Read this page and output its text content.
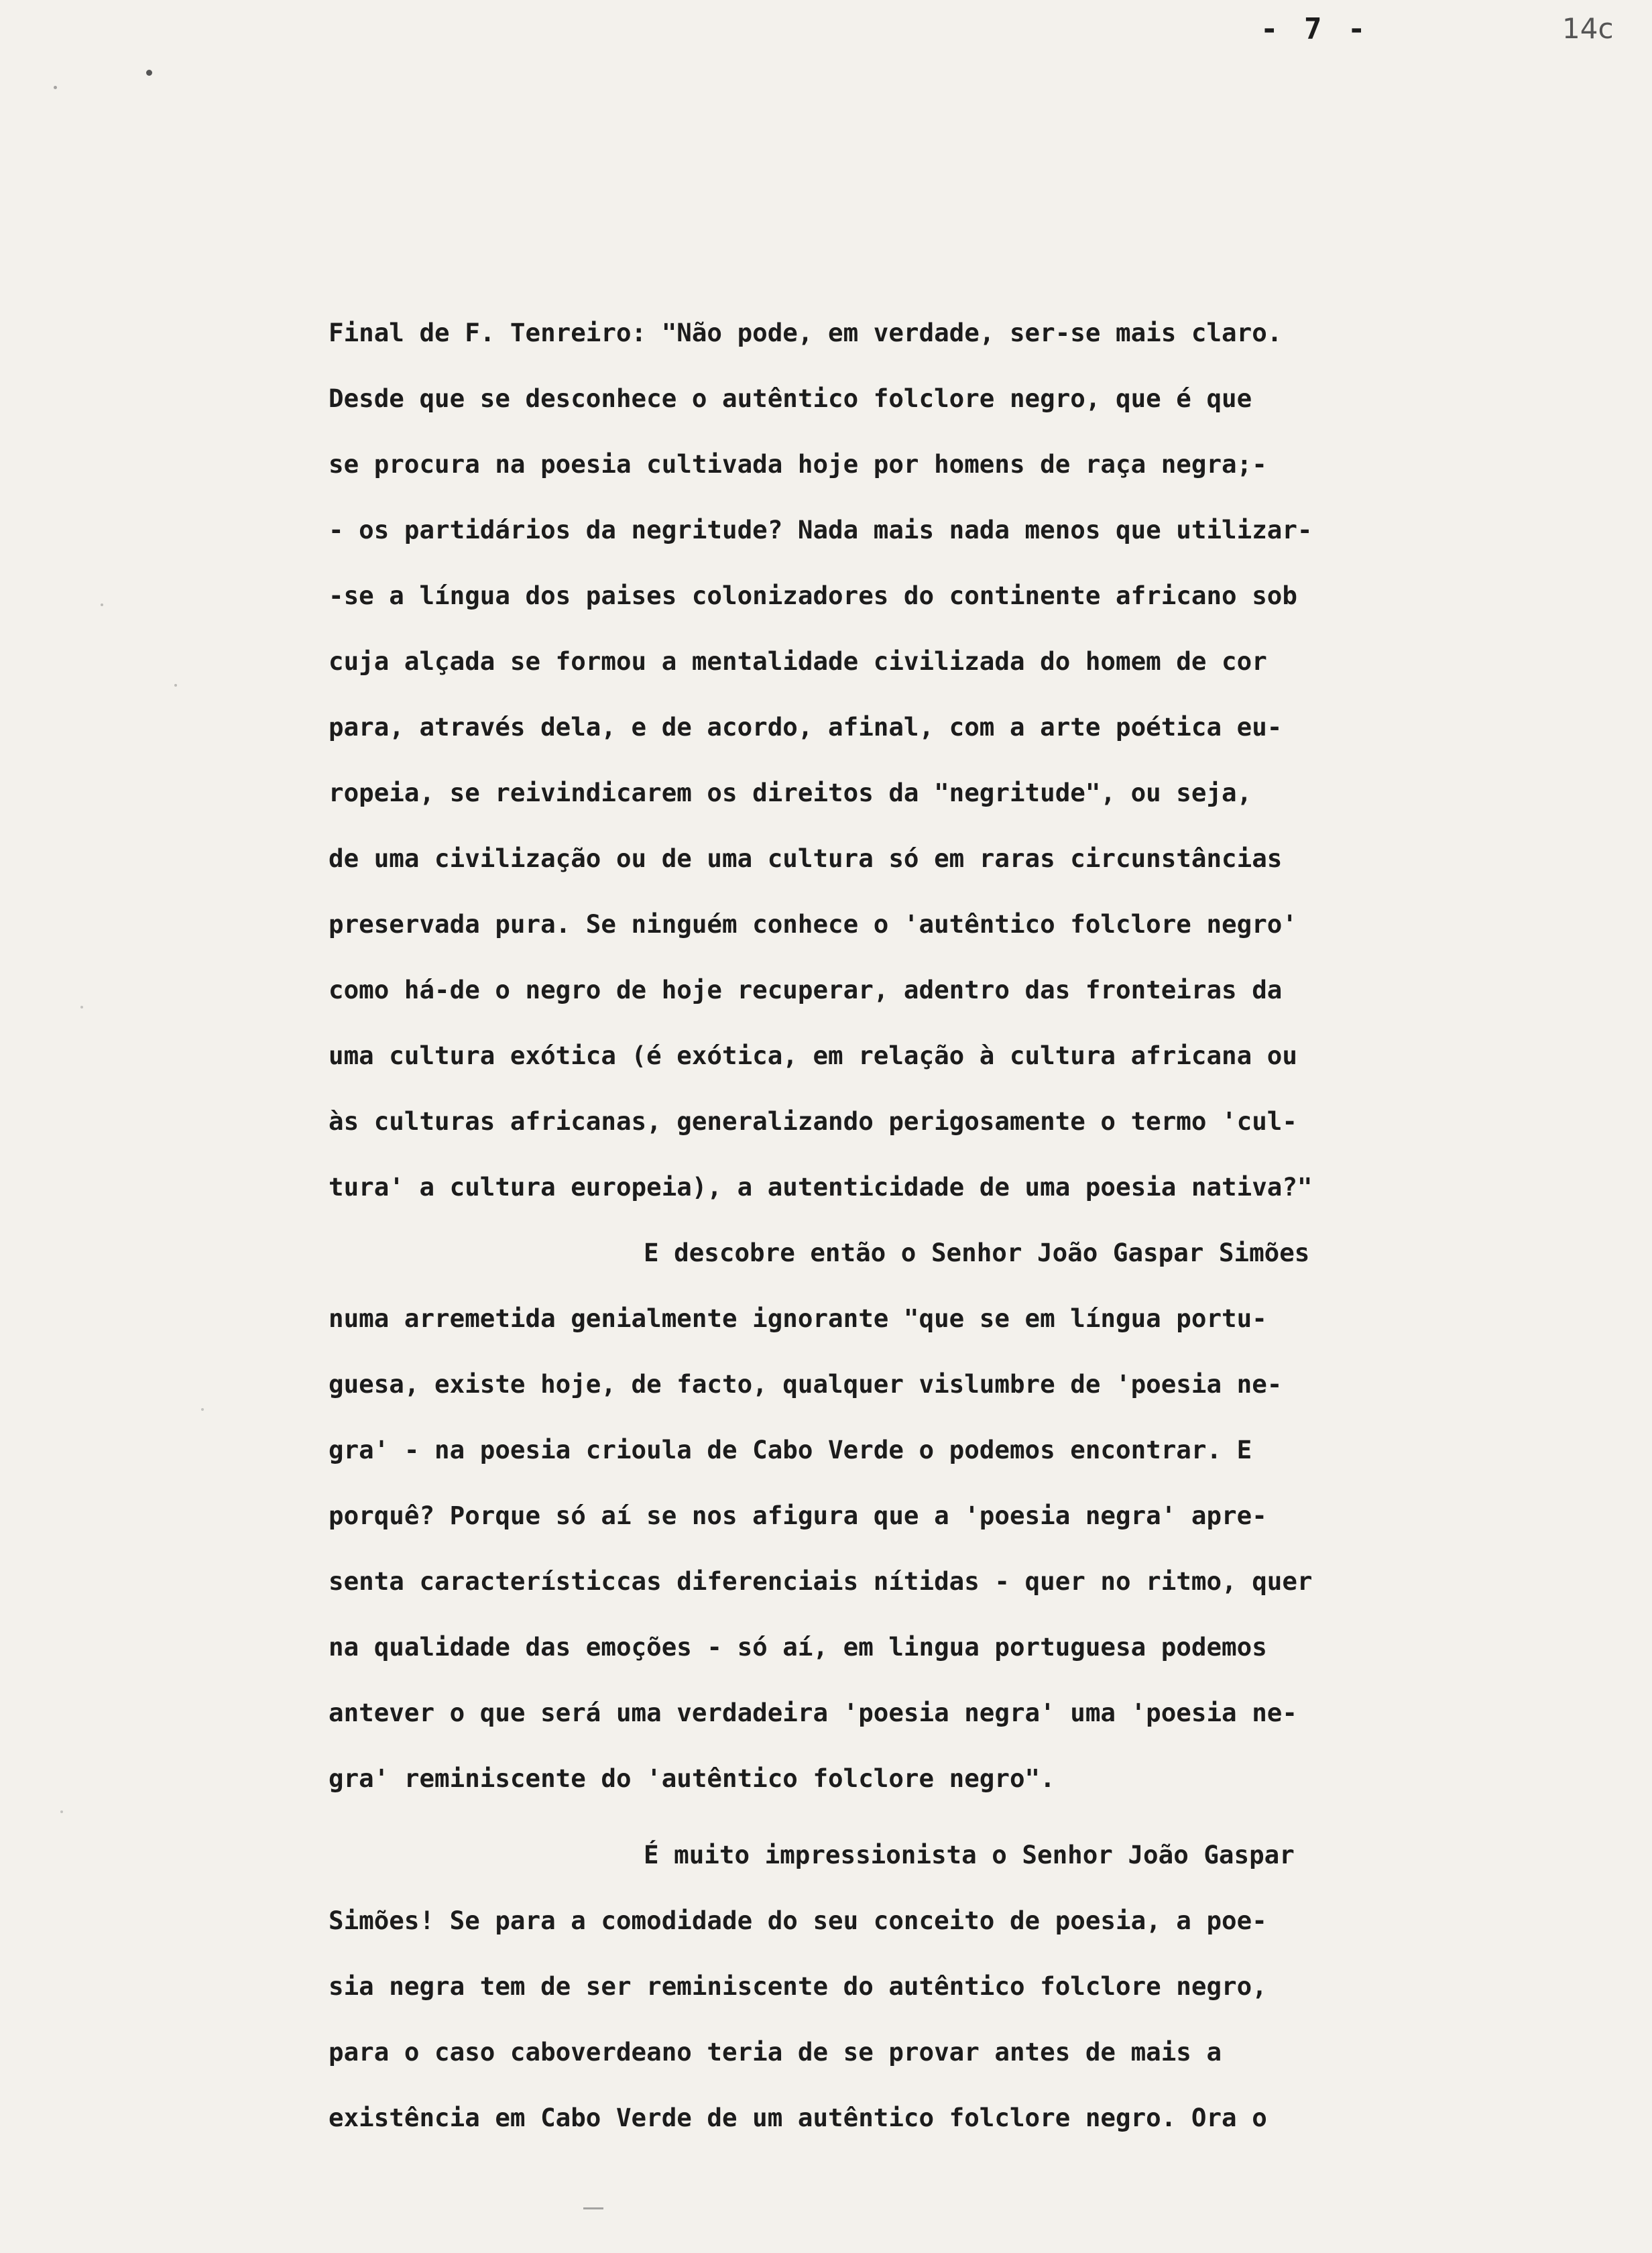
- 7 -	14c
Final de F. Tenreiro: "Não pode, em verdade, ser-se mais claro.
Desde que se desconhece o autêntico folclore negro, que é que
se procura na poesia cultivada hoje por homens de raça negra;-
- os partidários da negritude? Nada mais nada menos que utilizar-
-se a língua dos paises colonizadores do continente africano sob
cuja alçada se formou a mentalidade civilizada do homem de cor
para, através dela, e de acordo, afinal, com a arte poética eu-
ropeia, se reivindicarem os direitos da "negritude", ou seja,
de uma civilização ou de uma cultura só em raras circunstâncias
preservada pura. Se ninguém conhece o 'autêntico folclore negro'
como há-de o negro de hoje recuperar, adentro das fronteiras da
uma cultura exótica (é exótica, em relação à cultura africana ou
às culturas africanas, generalizando perigosamente o termo 'cul-
tura' a cultura europeia), a autenticidade de uma poesia nativa?"
E descobre então o Senhor João Gaspar Simões
numa arremetida genialmente ignorante "que se em língua portu-
guesa, existe hoje, de facto, qualquer vislumbre de 'poesia ne-
gra' - na poesia crioula de Cabo Verde o podemos encontrar. E
porquê? Porque só aí se nos afigura que a 'poesia negra' apre-
senta característiccas diferenciais nítidas - quer no ritmo, quer
na qualidade das emoções - só aí, em lingua portuguesa podemos
antever o que será uma verdadeira 'poesia negra' uma 'poesia ne-
gra' reminiscente do 'autêntico folclore negro".
É muito impressionista o Senhor João Gaspar
Simões! Se para a comodidade do seu conceito de poesia, a poe-
sia negra tem de ser reminiscente do autêntico folclore negro,
para o caso caboverdeano teria de se provar antes de mais a
existência em Cabo Verde de um autêntico folclore negro. Ora o
